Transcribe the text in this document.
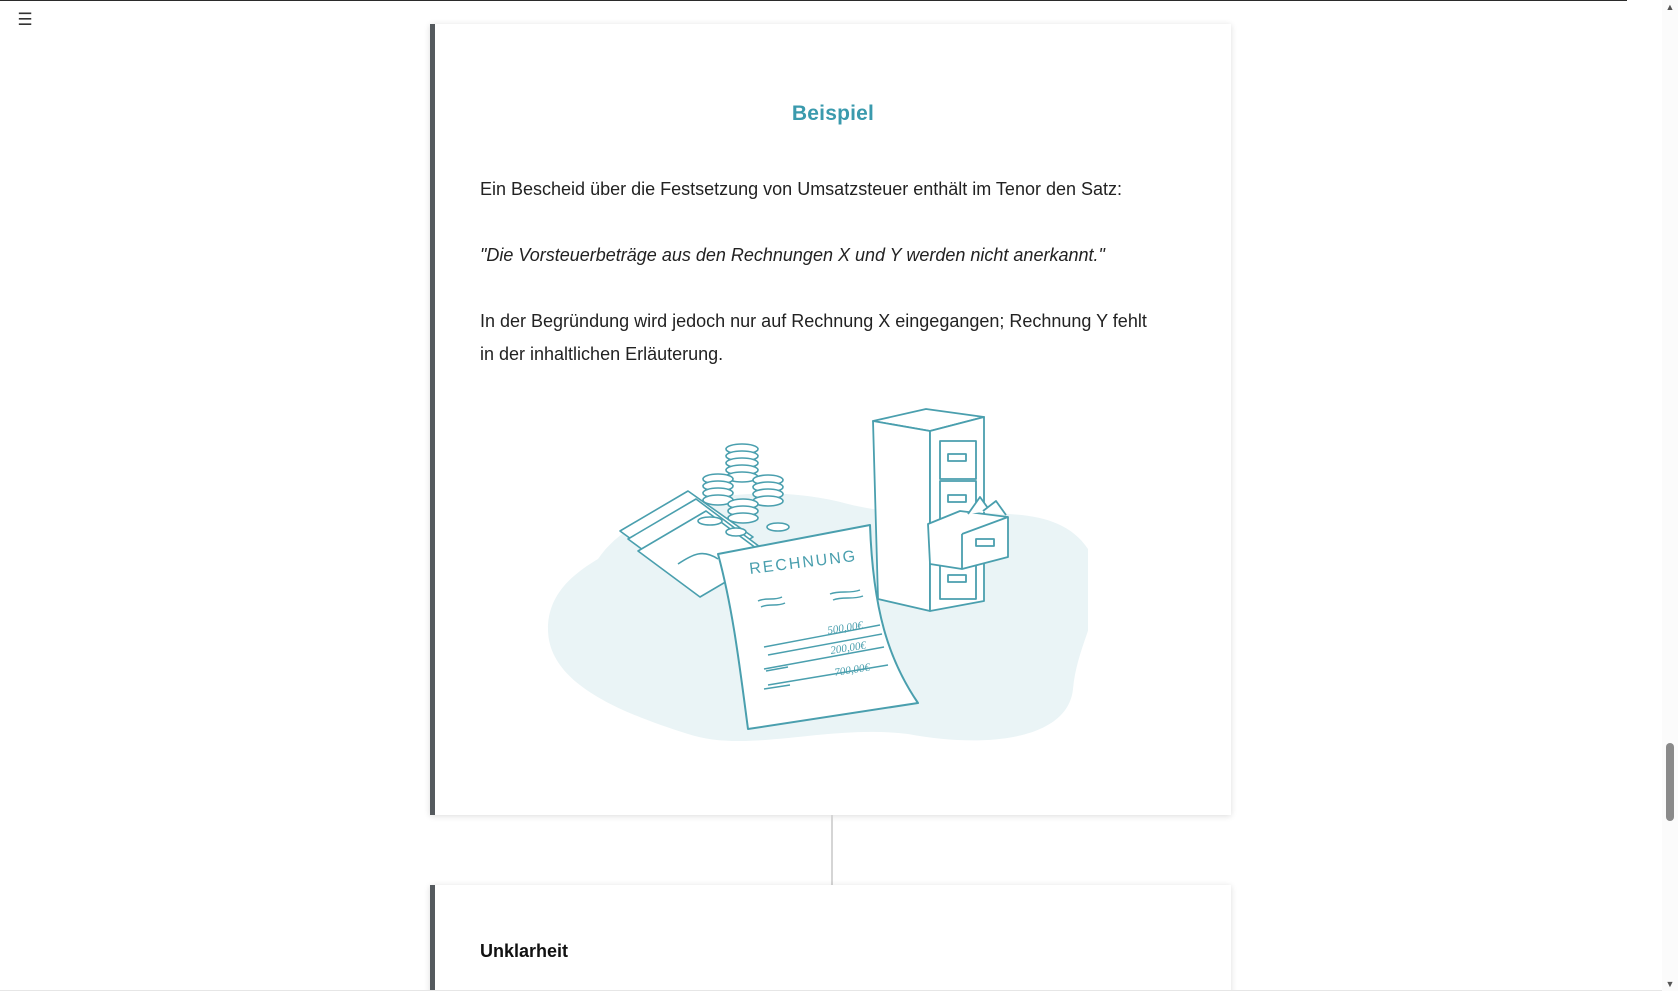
☰
Beispiel

Ein Bescheid über die Festsetzung von Umsatzsteuer enthält im Tenor den Satz:

"Die Vorsteuerbeträge aus den Rechnungen X und Y werden nicht anerkannt."

In der Begründung wird jedoch nur auf Rechnung X eingegangen; Rechnung Y fehlt in der inhaltlichen Erläuterung.

RECHNUNG
500,00€
200,00€
700,00€
Unklarheit
▲
▼
